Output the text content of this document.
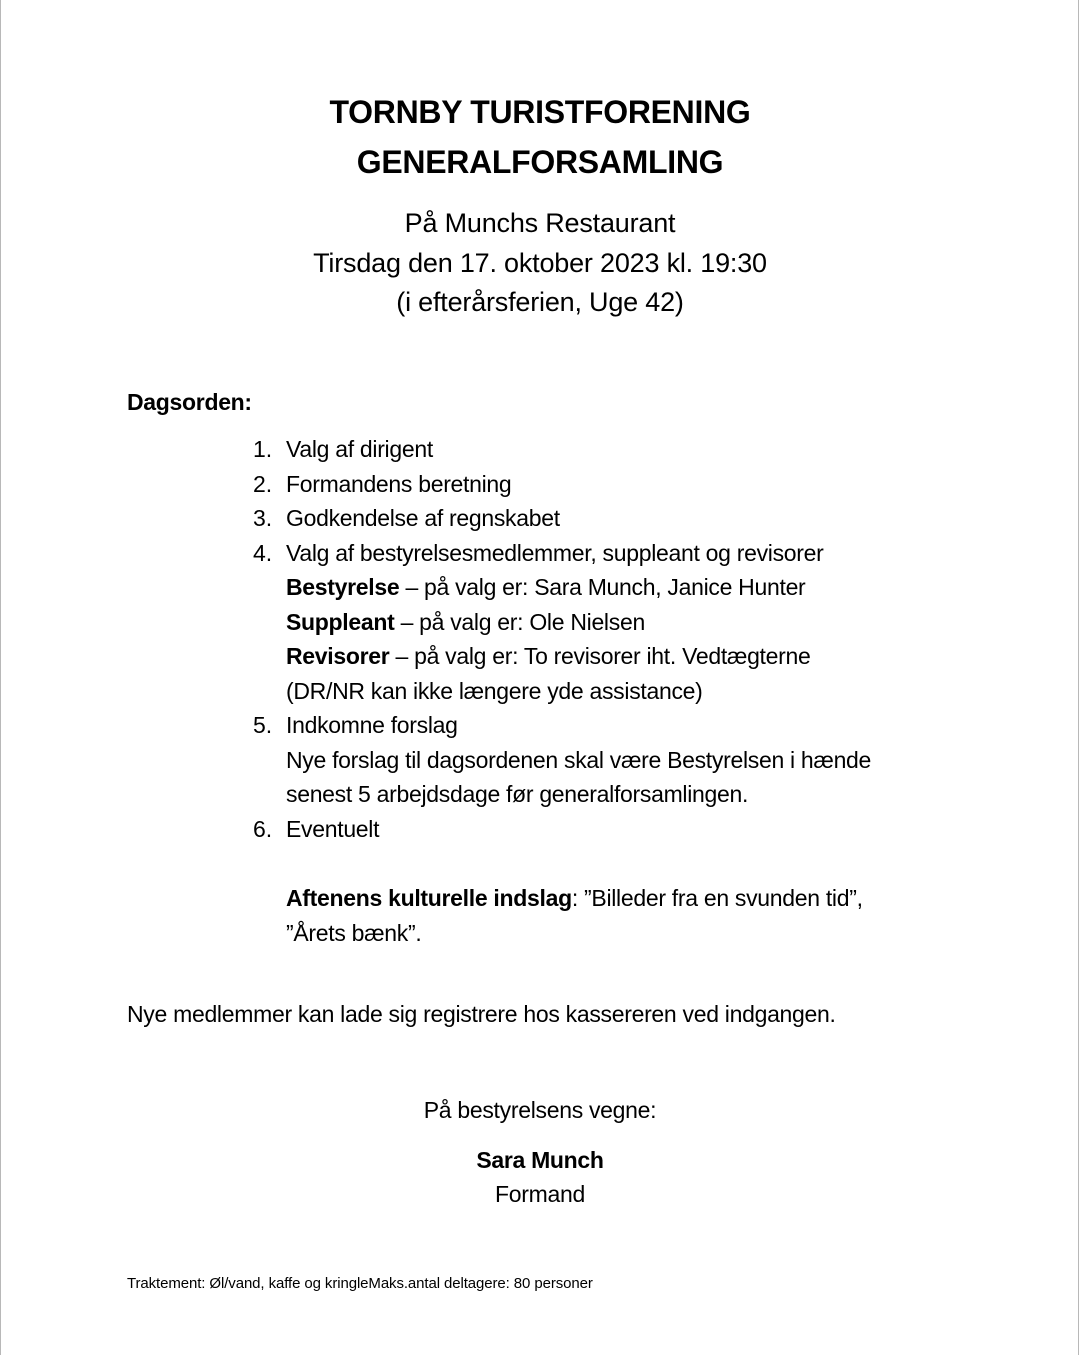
TORNBY TURISTFORENING
GENERALFORSAMLING
På Munchs Restaurant
Tirsdag den 17. oktober 2023 kl. 19:30
(i efterårsferien, Uge 42)
Dagsorden:
1. Valg af dirigent
2. Formandens beretning
3. Godkendelse af regnskabet
4. Valg af bestyrelsesmedlemmer, suppleant og revisorer
Bestyrelse – på valg er: Sara Munch, Janice Hunter
Suppleant – på valg er: Ole Nielsen
Revisorer – på valg er: To revisorer iht. Vedtægterne
(DR/NR kan ikke længere yde assistance)
5. Indkomne forslag
Nye forslag til dagsordenen skal være Bestyrelsen i hænde
senest 5 arbejdsdage før generalforsamlingen.
6. Eventuelt
Aftenens kulturelle indslag: ”Billeder fra en svunden tid”,
”Årets bænk”.
Nye medlemmer kan lade sig registrere hos kassereren ved indgangen.
På bestyrelsens vegne:
Sara Munch
Formand
Traktement: Øl/vand, kaffe og kringleMaks.antal deltagere: 80 personer
